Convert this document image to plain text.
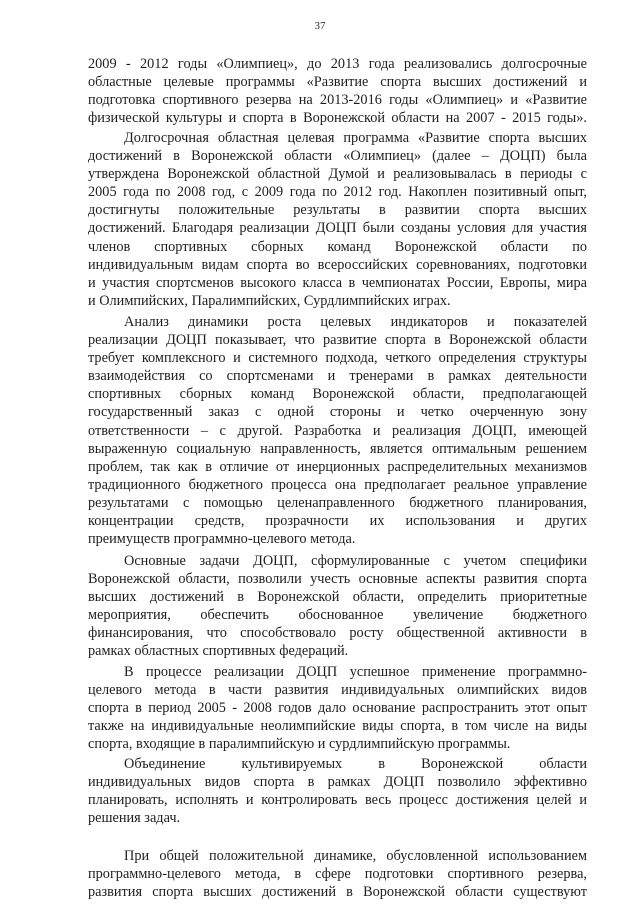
37
2009 - 2012 годы «Олимпиец», до 2013 года реализовались долгосрочные
областные целевые программы «Развитие спорта высших достижений и
подготовка спортивного резерва на 2013-2016 годы «Олимпиец» и «Развитие
физической культуры и спорта в Воронежской области на 2007 - 2015 годы».
Долгосрочная областная целевая программа «Развитие спорта высших
достижений в Воронежской области «Олимпиец» (далее – ДОЦП) была
утверждена Воронежской областной Думой и реализовывалась в периоды с
2005 года по 2008 год, с 2009 года по 2012 год. Накоплен позитивный опыт,
достигнуты положительные результаты в развитии спорта высших
достижений. Благодаря реализации ДОЦП были созданы условия для участия
членов спортивных сборных команд Воронежской области по
индивидуальным видам спорта во всероссийских соревнованиях, подготовки
и участия спортсменов высокого класса в чемпионатах России, Европы, мира
и Олимпийских, Паралимпийских, Сурдлимпийских играх.
Анализ динамики роста целевых индикаторов и показателей
реализации ДОЦП показывает, что развитие спорта в Воронежской области
требует комплексного и системного подхода, четкого определения структуры
взаимодействия со спортсменами и тренерами в рамках деятельности
спортивных сборных команд Воронежской области, предполагающей
государственный заказ с одной стороны и четко очерченную зону
ответственности – с другой. Разработка и реализация ДОЦП, имеющей
выраженную социальную направленность, является оптимальным решением
проблем, так как в отличие от инерционных распределительных механизмов
традиционного бюджетного процесса она предполагает реальное управление
результатами с помощью целенаправленного бюджетного планирования,
концентрации средств, прозрачности их использования и других
преимуществ программно-целевого метода.
Основные задачи ДОЦП, сформулированные с учетом специфики
Воронежской области, позволили учесть основные аспекты развития спорта
высших достижений в Воронежской области, определить приоритетные
мероприятия, обеспечить обоснованное увеличение бюджетного
финансирования, что способствовало росту общественной активности в
рамках областных спортивных федераций.
В процессе реализации ДОЦП успешное применение программно-
целевого метода в части развития индивидуальных олимпийских видов
спорта в период 2005 - 2008 годов дало основание распространить этот опыт
также на индивидуальные неолимпийские виды спорта, в том числе на виды
спорта, входящие в паралимпийскую и сурдлимпийскую программы.
Объединение культивируемых в Воронежской области
индивидуальных видов спорта в рамках ДОЦП позволило эффективно
планировать, исполнять и контролировать весь процесс достижения целей и
решения задач.
При общей положительной динамике, обусловленной использованием
программно-целевого метода, в сфере подготовки спортивного резерва,
развития спорта высших достижений в Воронежской области существуют
